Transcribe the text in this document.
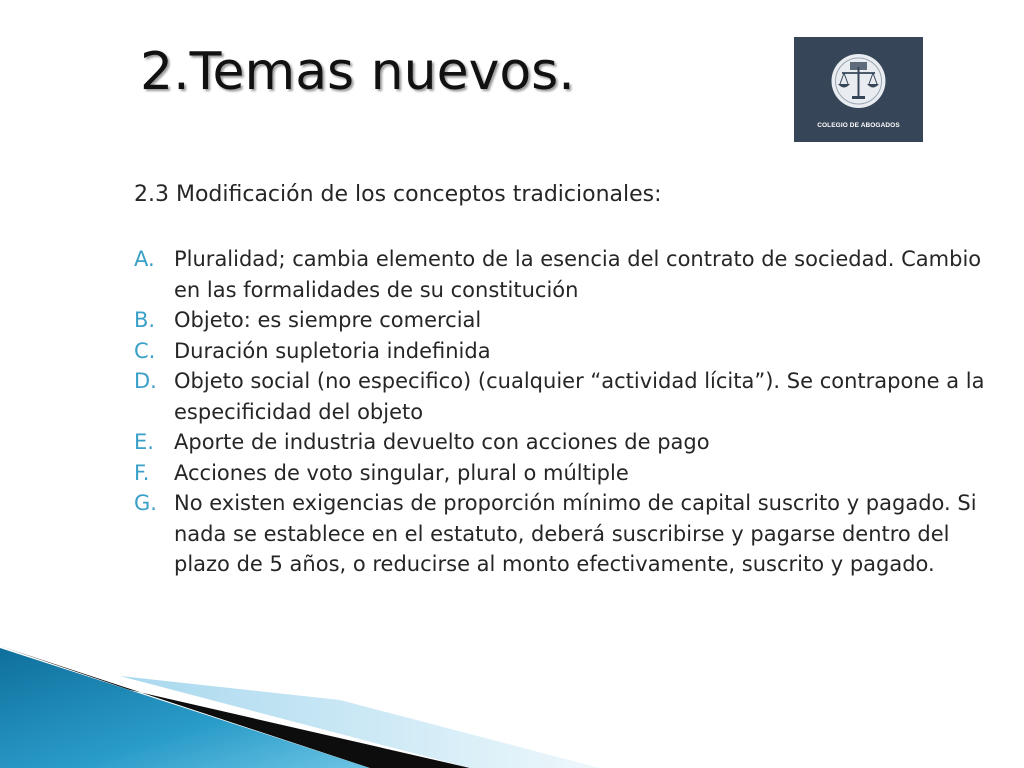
2.Temas nuevos.
COLEGIO DE ABOGADOS
2.3 Modificación de los conceptos tradicionales:
A. Pluralidad; cambia elemento de la esencia del contrato de sociedad. Cambio en las formalidades de su constitución
B. Objeto: es siempre comercial
C. Duración supletoria indefinida
D. Objeto social (no especifico) (cualquier “actividad lícita”). Se contrapone a la especificidad del objeto
E. Aporte de industria devuelto con acciones de pago
F. Acciones de voto singular, plural o múltiple
G. No existen exigencias de proporción mínimo de capital suscrito y pagado. Si nada se establece en el estatuto, deberá suscribirse y pagarse dentro del plazo de 5 años, o reducirse al monto efectivamente, suscrito y pagado.
